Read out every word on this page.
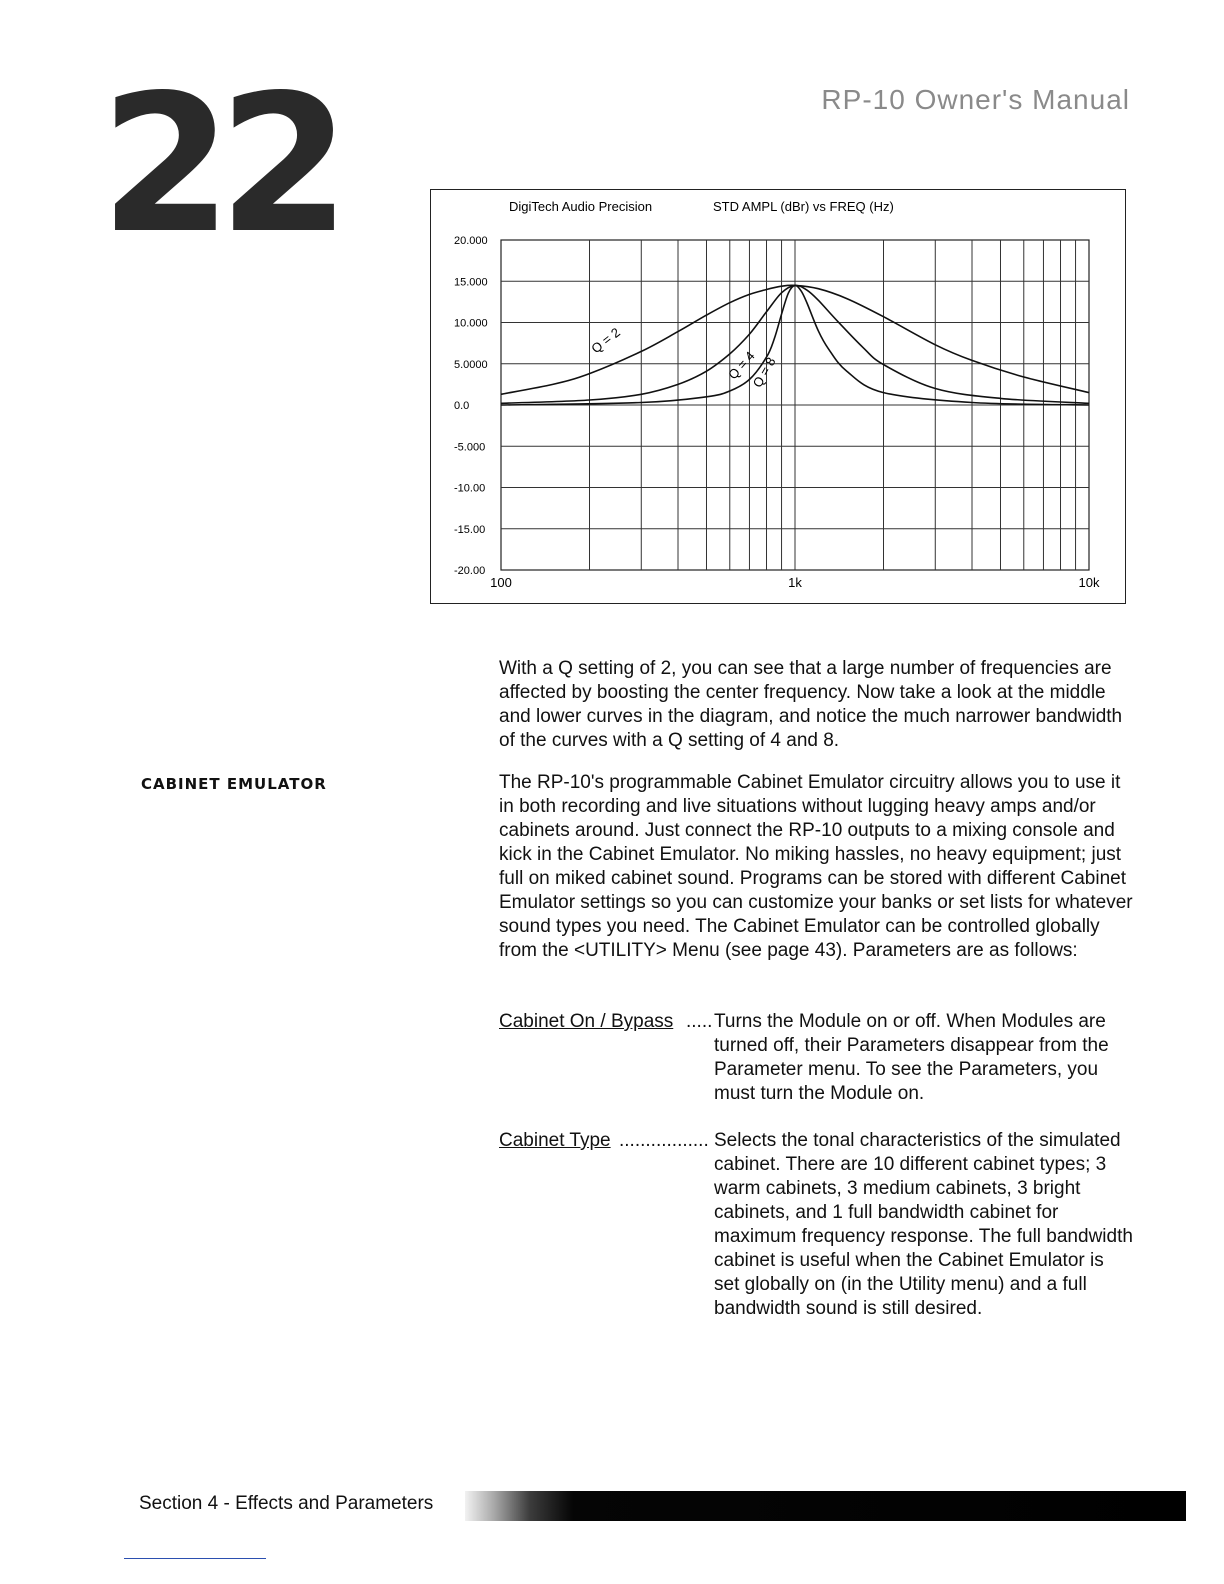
22	RP-10 Owner's Manual
DigiTech Audio Precision	STD AMPL (dBr) vs FREQ (Hz)
20.000
15.000
10.000
5.0000
0.0
-5.000
-10.00
-15.00
-20.00
100	1k	10k
Q = 2
Q = 4
Q = 8

With a Q setting of 2, you can see that a large number of frequencies are affected by boosting the center frequency. Now take a look at the middle and lower curves in the diagram, and notice the much narrower bandwidth of the curves with a Q setting of 4 and 8.

CABINET EMULATOR	The RP-10's programmable Cabinet Emulator circuitry allows you to use it in both recording and live situations without lugging heavy amps and/or cabinets around. Just connect the RP-10 outputs to a mixing console and kick in the Cabinet Emulator. No miking hassles, no heavy equipment; just full on miked cabinet sound. Programs can be stored with different Cabinet Emulator settings so you can customize your banks or set lists for whatever sound types you need. The Cabinet Emulator can be controlled globally from the <UTILITY> Menu (see page 43). Parameters are as follows:

Cabinet On / Bypass ..... Turns the Module on or off. When Modules are turned off, their Parameters disappear from the Parameter menu. To see the Parameters, you must turn the Module on.

Cabinet Type ................. Selects the tonal characteristics of the simulated cabinet. There are 10 different cabinet types; 3 warm cabinets, 3 medium cabinets, 3 bright cabinets, and 1 full bandwidth cabinet for maximum frequency response. The full bandwidth cabinet is useful when the Cabinet Emulator is set globally on (in the Utility menu) and a full bandwidth sound is still desired.

Section 4 - Effects and Parameters
